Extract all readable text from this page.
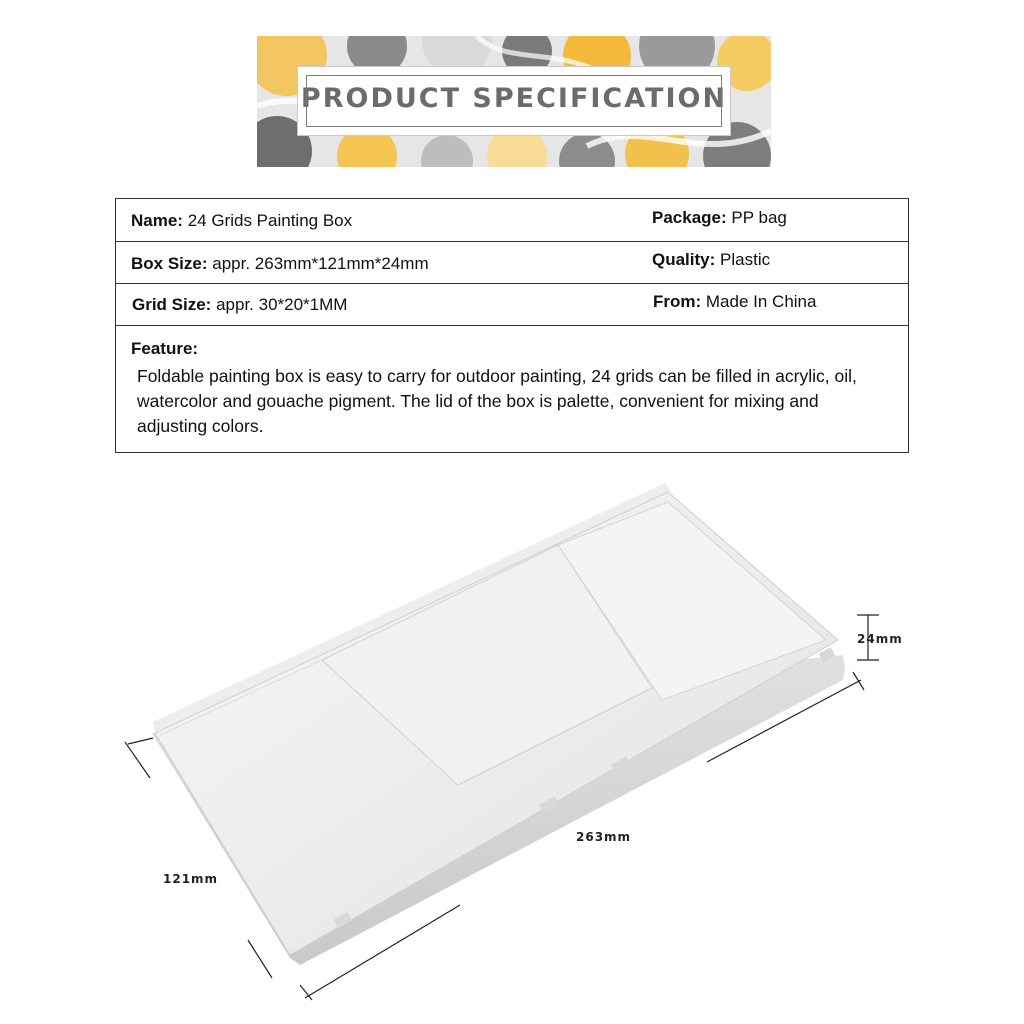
PRODUCT SPECIFICATION
Name: 24 Grids Painting Box	Package: PP bag
Box Size: appr. 263mm*121mm*24mm	Quality: Plastic
Grid Size: appr. 30*20*1MM	From: Made In China
Feature:
Foldable painting box is easy to carry for outdoor painting, 24 grids can be filled in acrylic, oil, watercolor and gouache pigment. The lid of the box is palette, convenient for mixing and adjusting colors.
24mm
263mm
121mm
